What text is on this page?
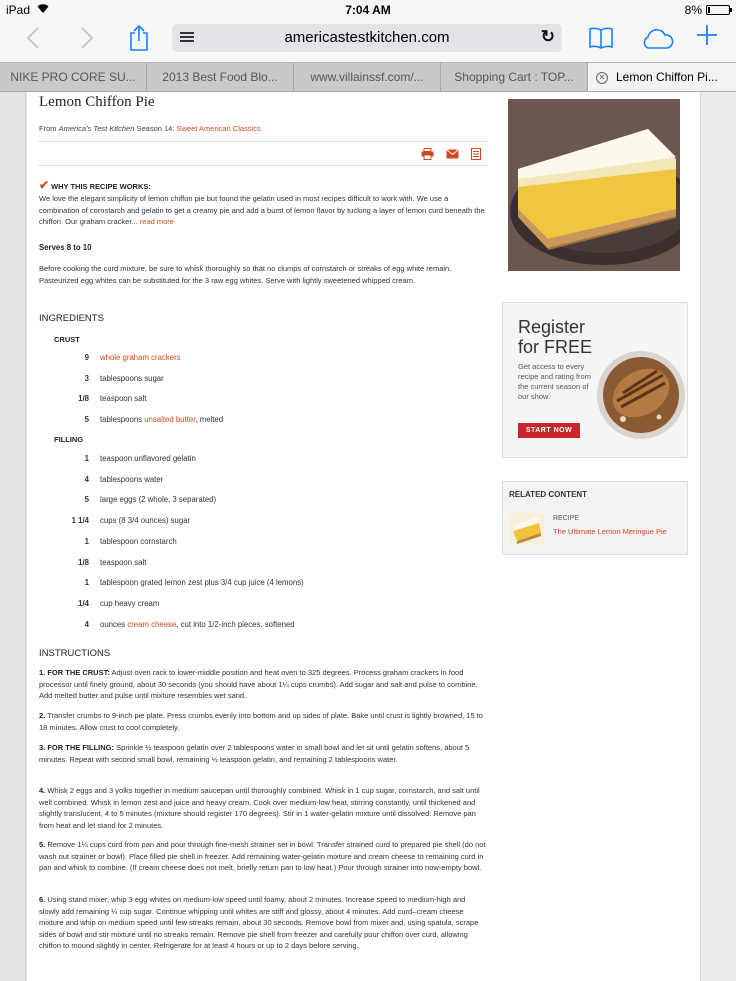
iPad	7:04 AM	8%
americastestkitchen.com	↻
NIKE PRO CORE SU...	2013 Best Food Blo...	www.villainssf.com/...	Shopping Cart : TOP...	✕ Lemon Chiffon Pi...
Lemon Chiffon Pie
From America's Test Kitchen Season 14: Sweet American Classics
✔ WHY THIS RECIPE WORKS:
We love the elegant simplicity of lemon chiffon pie but found the gelatin used in most recipes difficult to work with. We use a combination of cornstarch and gelatin to get a creamy pie and add a burst of lemon flavor by tucking a layer of lemon curd beneath the chiffon. Our graham cracker... read more
Serves 8 to 10
Before cooking the curd mixture, be sure to whisk thoroughly so that no clumps of cornstarch or streaks of egg white remain. Pasteurized egg whites can be substituted for the 3 raw egg whites. Serve with lightly sweetened whipped cream.
INGREDIENTS
CRUST
9 whole graham crackers
3 tablespoons sugar
1/8 teaspoon salt
5 tablespoons unsalted butter, melted
FILLING
1 teaspoon unflavored gelatin
4 tablespoons water
5 large eggs (2 whole, 3 separated)
1 1/4 cups (8 3/4 ounces) sugar
1 tablespoon cornstarch
1/8 teaspoon salt
1 tablespoon grated lemon zest plus 3/4 cup juice (4 lemons)
1/4 cup heavy cream
4 ounces cream cheese, cut into 1/2-inch pieces, softened
INSTRUCTIONS
1. FOR THE CRUST: Adjust oven rack to lower-middle position and heat oven to 325 degrees. Process graham crackers in food processor until finely ground, about 30 seconds (you should have about 1¼ cups crumbs). Add sugar and salt and pulse to combine. Add melted butter and pulse until mixture resembles wet sand.
2. Transfer crumbs to 9-inch pie plate. Press crumbs evenly into bottom and up sides of plate. Bake until crust is lightly browned, 15 to 18 minutes. Allow crust to cool completely.
3. FOR THE FILLING: Sprinkle ½ teaspoon gelatin over 2 tablespoons water in small bowl and let sit until gelatin softens, about 5 minutes. Repeat with second small bowl, remaining ½ teaspoon gelatin, and remaining 2 tablespoons water.
4. Whisk 2 eggs and 3 yolks together in medium saucepan until thoroughly combined. Whisk in 1 cup sugar, cornstarch, and salt until well combined. Whisk in lemon zest and juice and heavy cream. Cook over medium-low heat, stirring constantly, until thickened and slightly translucent, 4 to 5 minutes (mixture should register 170 degrees). Stir in 1 water-gelatin mixture until dissolved. Remove pan from heat and let stand for 2 minutes.
5. Remove 1¼ cups curd from pan and pour through fine-mesh strainer set in bowl. Transfer strained curd to prepared pie shell (do not wash out strainer or bowl). Place filled pie shell in freezer. Add remaining water-gelatin mixture and cream cheese to remaining curd in pan and whisk to combine. (If cream cheese does not melt, briefly return pan to low heat.) Pour through strainer into now-empty bowl.
6. Using stand mixer, whip 3 egg whites on medium-low speed until foamy, about 2 minutes. Increase speed to medium-high and slowly add remaining ¼ cup sugar. Continue whipping until whites are stiff and glossy, about 4 minutes. Add curd–cream cheese mixture and whip on medium speed until few streaks remain, about 30 seconds. Remove bowl from mixer and, using spatula, scrape sides of bowl and stir mixture until no streaks remain. Remove pie shell from freezer and carefully pour chiffon over curd, allowing chiffon to mound slightly in center. Refrigerate for at least 4 hours or up to 2 days before serving.
Register
for FREE
Get access to every recipe and rating from the current season of our show.
START NOW
RELATED CONTENT
RECIPE
The Ultimate Lemon Meringue Pie
